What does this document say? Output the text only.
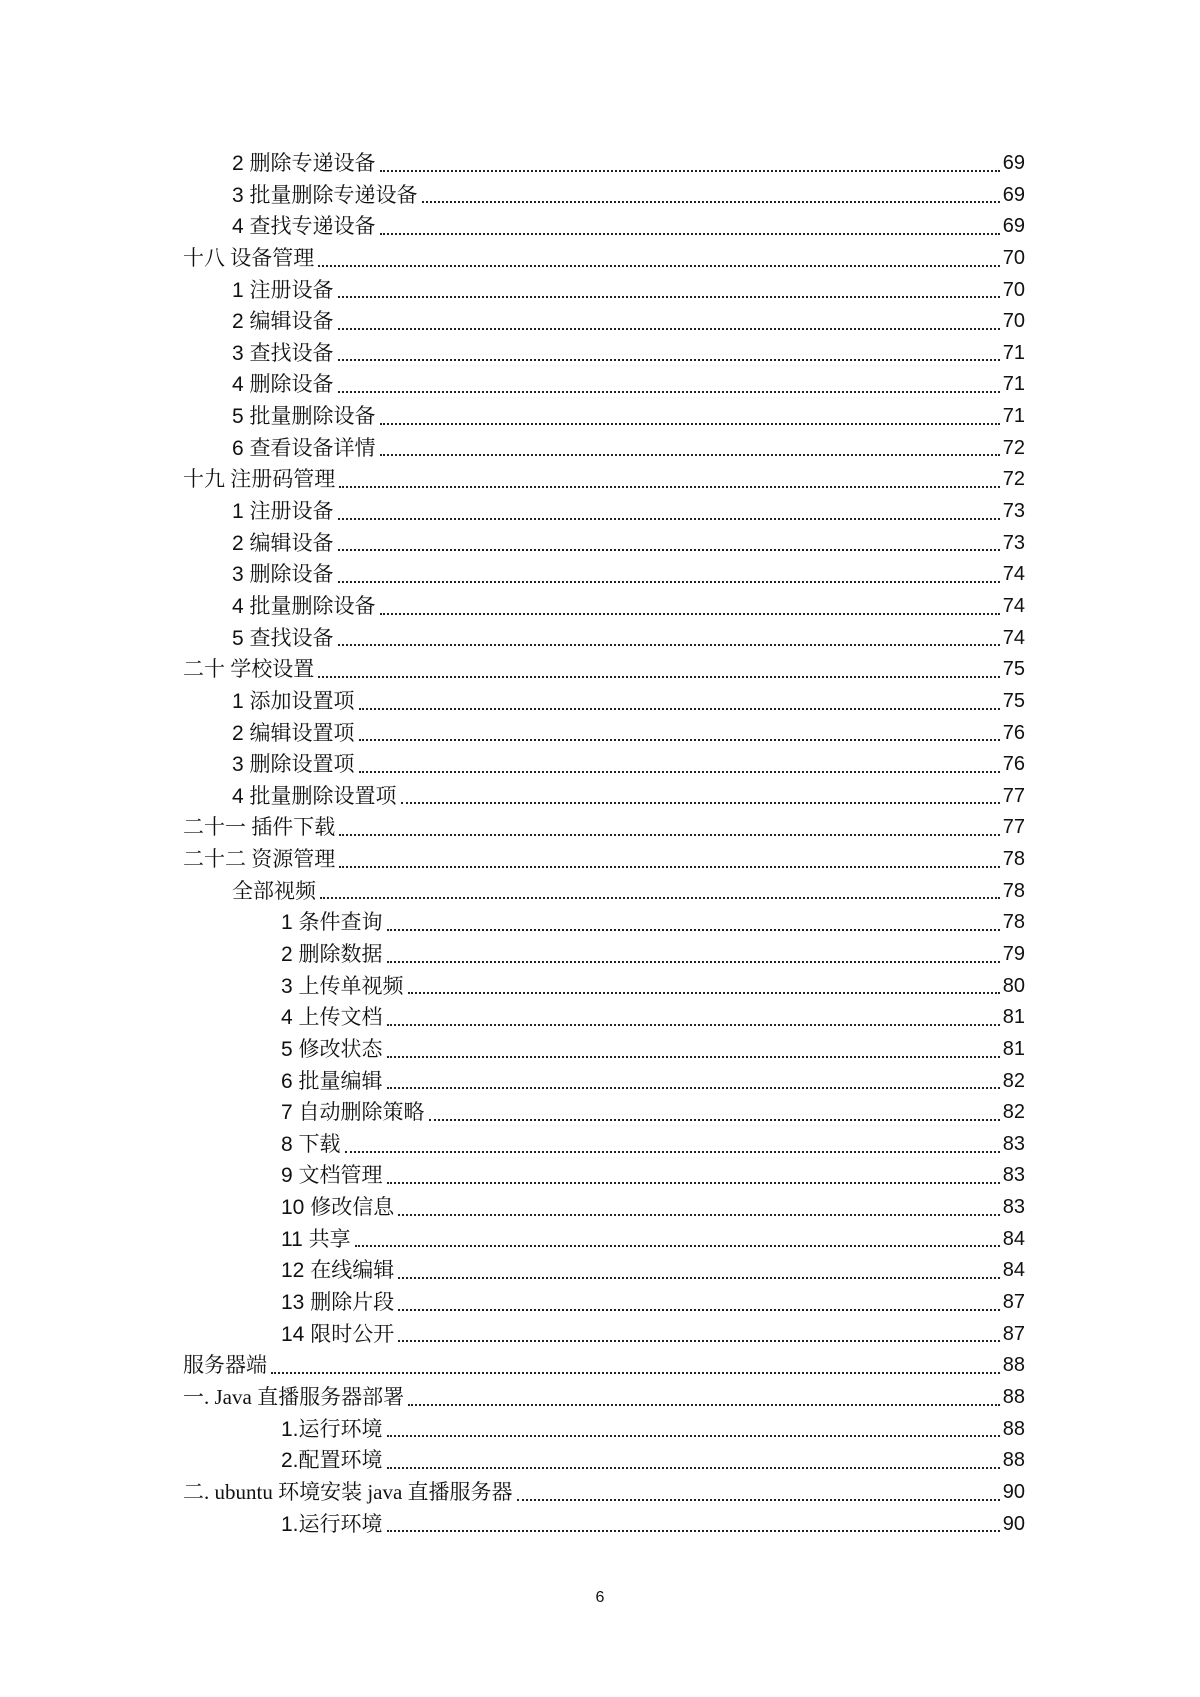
2 删除专递设备	69
3 批量删除专递设备	69
4 查找专递设备	69
十八 设备管理	70
1 注册设备	70
2 编辑设备	70
3 查找设备	71
4 删除设备	71
5 批量删除设备	71
6 查看设备详情	72
十九 注册码管理	72
1 注册设备	73
2 编辑设备	73
3 删除设备	74
4 批量删除设备	74
5 查找设备	74
二十 学校设置	75
1 添加设置项	75
2 编辑设置项	76
3 删除设置项	76
4 批量删除设置项	77
二十一 插件下载	77
二十二 资源管理	78
全部视频	78
1 条件查询	78
2 删除数据	79
3 上传单视频	80
4 上传文档	81
5 修改状态	81
6 批量编辑	82
7 自动删除策略	82
8 下载	83
9 文档管理	83
10 修改信息	83
11 共享	84
12 在线编辑	84
13 删除片段	87
14 限时公开	87
服务器端	88
一. Java 直播服务器部署	88
1.运行环境	88
2.配置环境	88
二. ubuntu 环境安装 java 直播服务器	90
1.运行环境	90
6
